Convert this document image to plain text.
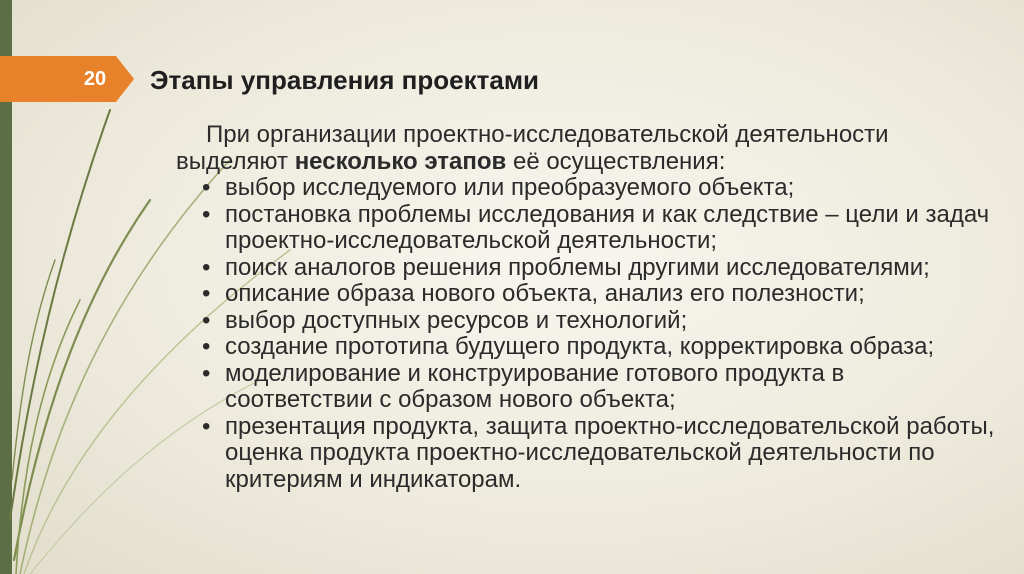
20	Этапы управления проектами

При организации проектно-исследовательской деятельности выделяют несколько этапов её осуществления:

• выбор исследуемого или преобразуемого объекта;
• постановка проблемы исследования и как следствие – цели и задач проектно-исследовательской деятельности;
• поиск аналогов решения проблемы другими исследователями;
• описание образа нового объекта, анализ его полезности;
• выбор доступных ресурсов и технологий;
• создание прототипа будущего продукта, корректировка образа;
• моделирование и конструирование готового продукта в соответствии с образом нового объекта;
• презентация продукта, защита проектно-исследовательской работы, оценка продукта проектно-исследовательской деятельности по критериям и индикаторам.
